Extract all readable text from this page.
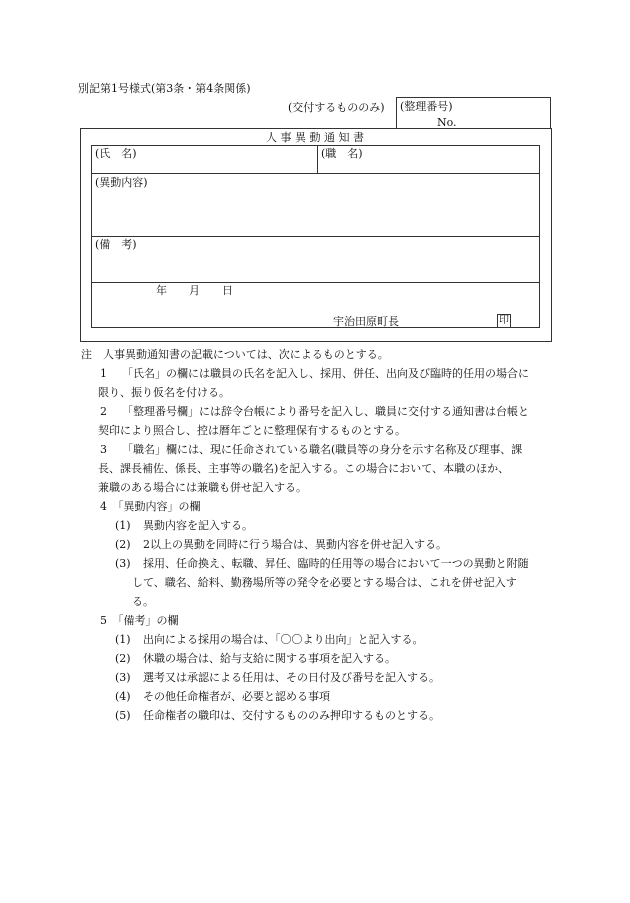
別記第1号様式(第3条・第4条関係)
(交付するもののみ) (整理番号)
No.
人 事 異 動 通 知 書
(氏　名)	(職　名)
(異動内容)
(備　考)
年　　月　　日
宇治田原町長	印
注　人事異動通知書の記載については、次によるものとする。
1 「氏名」の欄には職員の氏名を記入し、採用、併任、出向及び臨時的任用の場合に
限り、振り仮名を付ける。
2 「整理番号欄」には辞令台帳により番号を記入し、職員に交付する通知書は台帳と
契印により照合し、控は暦年ごとに整理保有するものとする。
3 「職名」欄には、現に任命されている職名(職員等の身分を示す名称及び理事、課
長、課長補佐、係長、主事等の職名)を記入する。この場合において、本職のほか、
兼職のある場合には兼職も併せ記入する。
4　「異動内容」の欄
(1) 異動内容を記入する。
(2) 2以上の異動を同時に行う場合は、異動内容を併せ記入する。
(3) 採用、任命換え、転職、昇任、臨時的任用等の場合において一つの異動と附随
して、職名、給料、勤務場所等の発令を必要とする場合は、これを併せ記入す
る。
5　「備考」の欄
(1) 出向による採用の場合は、「〇〇より出向」と記入する。
(2) 休職の場合は、給与支給に関する事項を記入する。
(3) 選考又は承認による任用は、その日付及び番号を記入する。
(4) その他任命権者が、必要と認める事項
(5) 任命権者の職印は、交付するもののみ押印するものとする。
